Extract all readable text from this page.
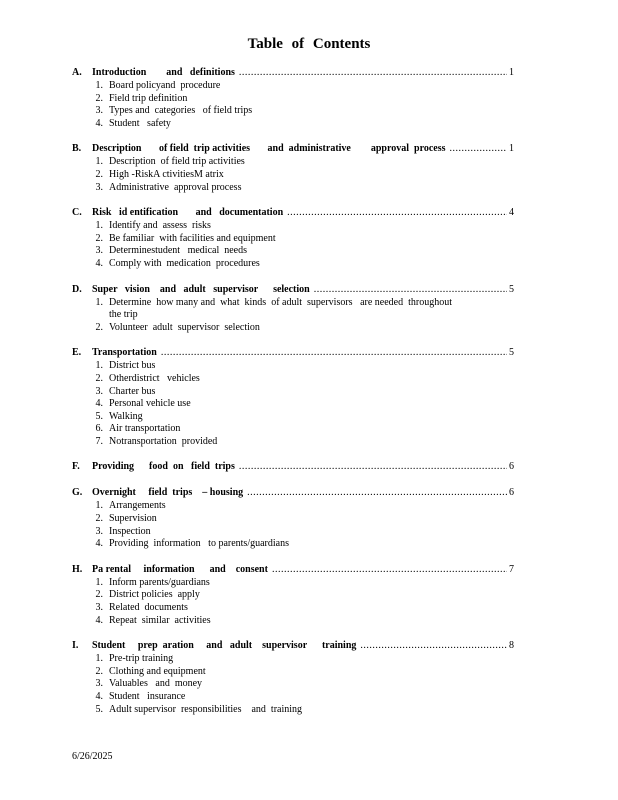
Table of Contents
A.	Introduction        and   definitions .....	1
1. Board policyand  procedure
2. Field trip definition
3. Types and  categories   of field trips
4. Student   safety
B.	Description       of field  trip activities       and  administrative        approval  process .....	1
1. Description  of field trip activities
2. High -RiskA ctivitiesM atrix
3. Administrative  approval process
C.	Risk   id entification       and   documentation .....	4
1. Identify and  assess  risks
2. Be familiar  with facilities and equipment
3. Determinestudent   medical  needs
4. Comply with  medication  procedures
D.	Super   vision    and   adult   supervisor      selection .....	5
1. Determine  how many and  what  kinds  of adult  supervisors   are needed  throughout
the trip
2. Volunteer  adult  supervisor  selection
E.	Transportation .....	5
1. District bus
2. Otherdistrict   vehicles
3. Charter bus
4. Personal vehicle use
5. Walking
6. Air transportation
7. Notransportation  provided
F.	Providing      food  on   field  trips .....	6
G. Overnight     field  trips    – housing .....	6
1. Arrangements
2. Supervision
3. Inspection
4. Providing  information   to parents/guardians
H. Pa rental     information      and    consent .....	7
1. Inform parents/guardians
2. District policies  apply
3. Related  documents
4. Repeat  similar  activities
I.	Student     prep  aration     and   adult    supervisor      training .....	8
1. Pre-trip training
2. Clothing and equipment
3. Valuables   and  money
4. Student   insurance
5. Adult supervisor  responsibilities    and  training
6/26/2025
